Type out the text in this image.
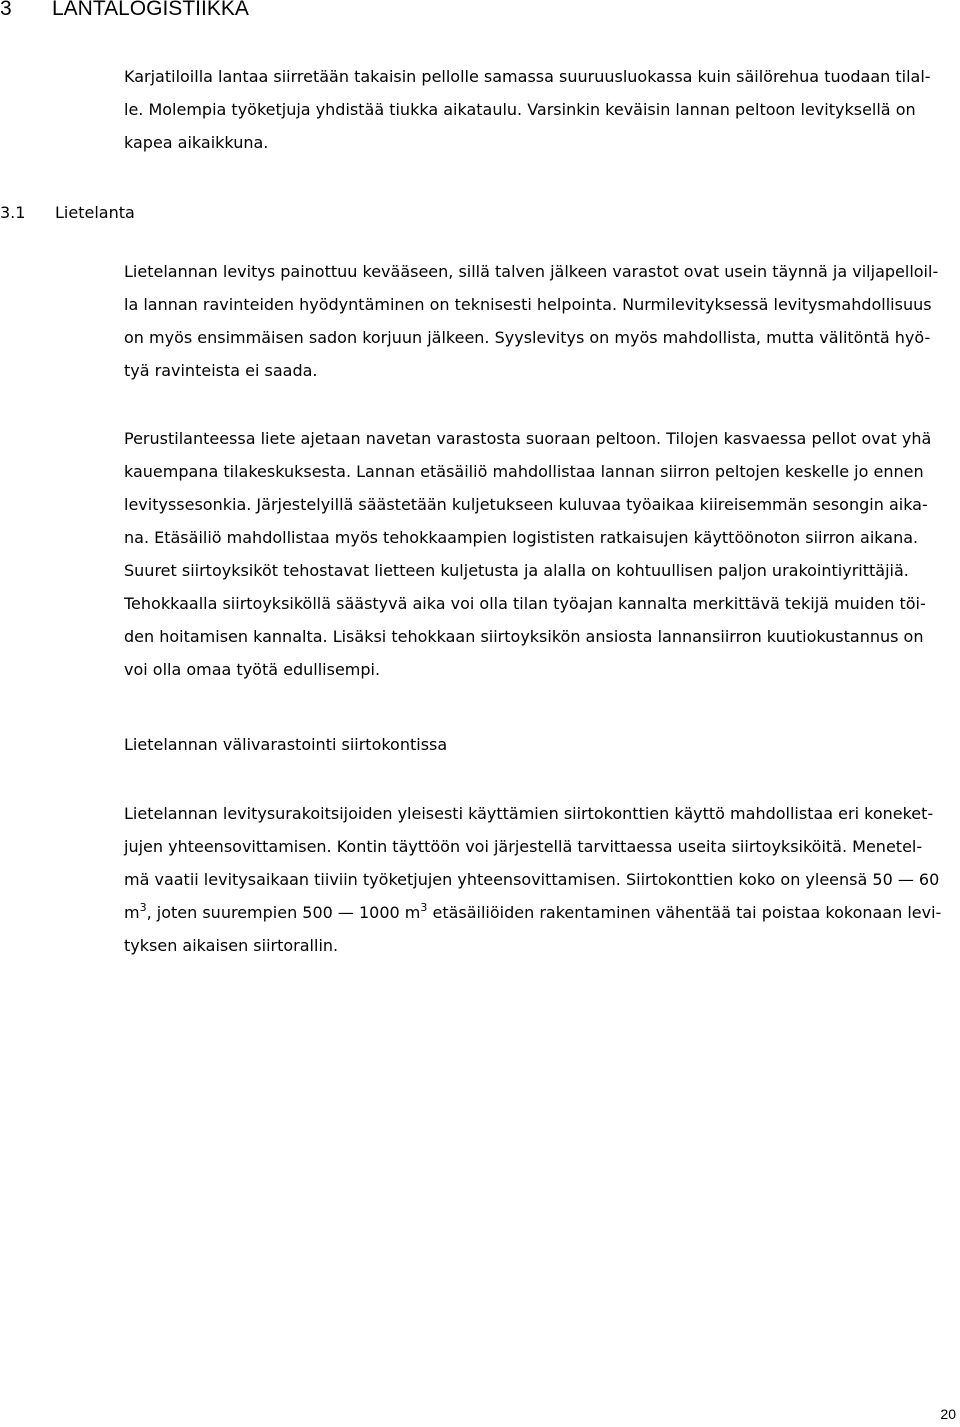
3 LANTALOGISTIIKKA
Karjatiloilla lantaa siirretään takaisin pellolle samassa suuruusluokassa kuin säilörehua tuodaan tilal-
le. Molempia työketjuja yhdistää tiukka aikataulu. Varsinkin keväisin lannan peltoon levityksellä on
kapea aikaikkuna.
3.1 Lietelanta
Lietelannan levitys painottuu kevääseen, sillä talven jälkeen varastot ovat usein täynnä ja viljapelloil-
la lannan ravinteiden hyödyntäminen on teknisesti helpointa. Nurmilevityksessä levitysmahdollisuus
on myös ensimmäisen sadon korjuun jälkeen. Syyslevitys on myös mahdollista, mutta välitöntä hyö-
tyä ravinteista ei saada.
Perustilanteessa liete ajetaan navetan varastosta suoraan peltoon. Tilojen kasvaessa pellot ovat yhä
kauempana tilakeskuksesta. Lannan etäsäiliö mahdollistaa lannan siirron peltojen keskelle jo ennen
levityssesonkia. Järjestelyillä säästetään kuljetukseen kuluvaa työaikaa kiireisemmän sesongin aika-
na. Etäsäiliö mahdollistaa myös tehokkaampien logististen ratkaisujen käyttöönoton siirron aikana.
Suuret siirtoyksiköt tehostavat lietteen kuljetusta ja alalla on kohtuullisen paljon urakointiyrittäjiä.
Tehokkaalla siirtoyksiköllä säästyvä aika voi olla tilan työajan kannalta merkittävä tekijä muiden töi-
den hoitamisen kannalta. Lisäksi tehokkaan siirtoyksikön ansiosta lannansiirron kuutiokustannus on
voi olla omaa työtä edullisempi.
Lietelannan välivarastointi siirtokontissa
Lietelannan levitysurakoitsijoiden yleisesti käyttämien siirtokonttien käyttö mahdollistaa eri koneket-
jujen yhteensovittamisen. Kontin täyttöön voi järjestellä tarvittaessa useita siirtoyksiköitä. Menetel-
mä vaatii levitysaikaan tiiviin työketjujen yhteensovittamisen. Siirtokonttien koko on yleensä 50 — 60
$m^3$, joten suurempien 500 — 1000 $m^3$ etäsäiliöiden rakentaminen vähentää tai poistaa kokonaan levi-
tyksen aikaisen siirtorallin.
20
